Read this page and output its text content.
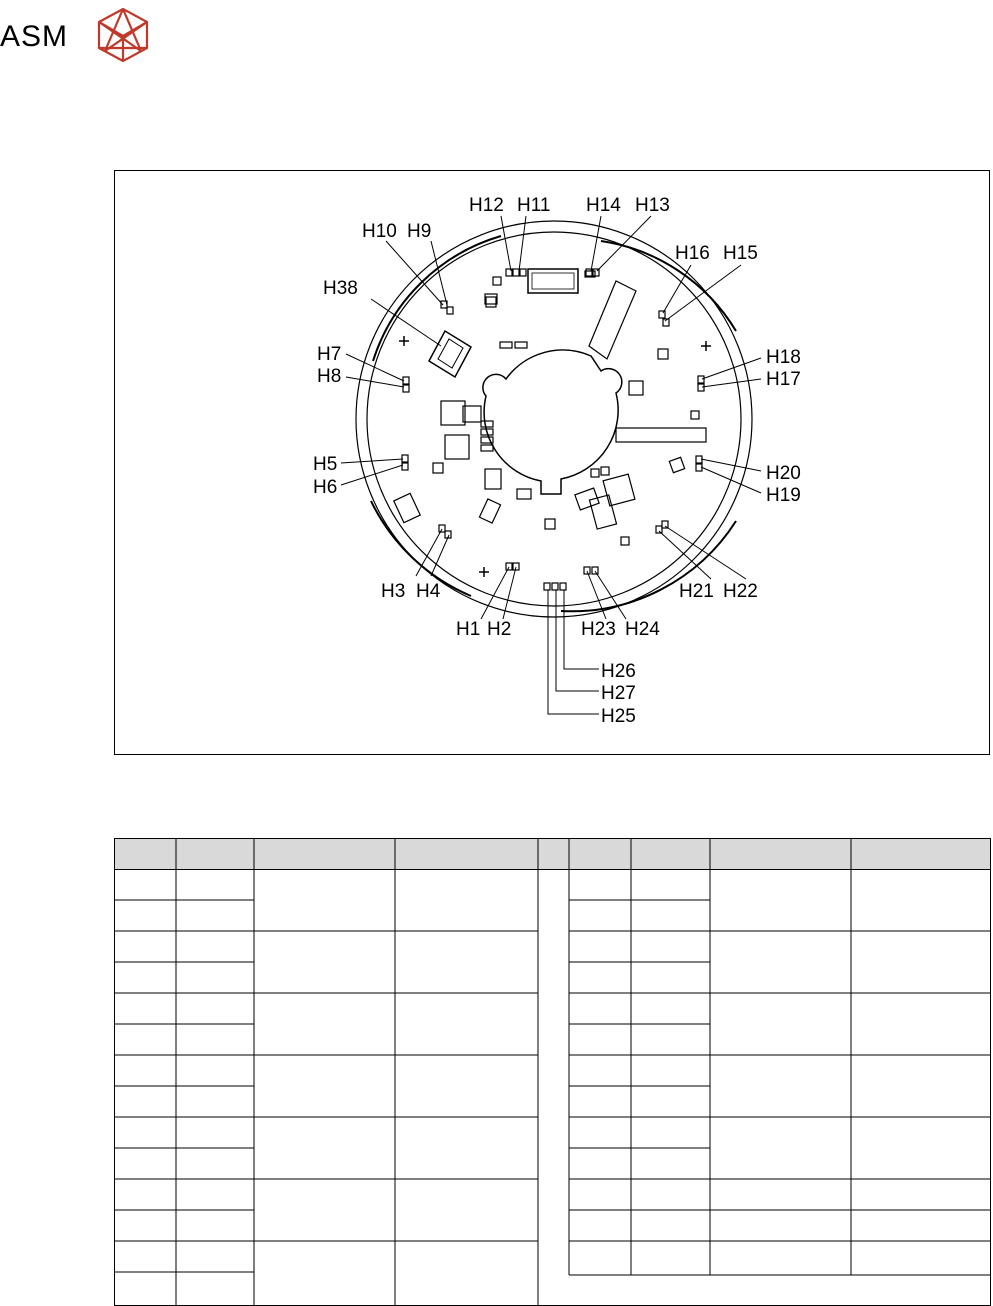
ASM
H12 H11 H14 H13
H10 H9
H16 H15
H38
H7
H8
H18
H17
H5
H6
H20
H19
H3 H4	H21 H22
H1 H2	H23 H24
H26
H27
H25
